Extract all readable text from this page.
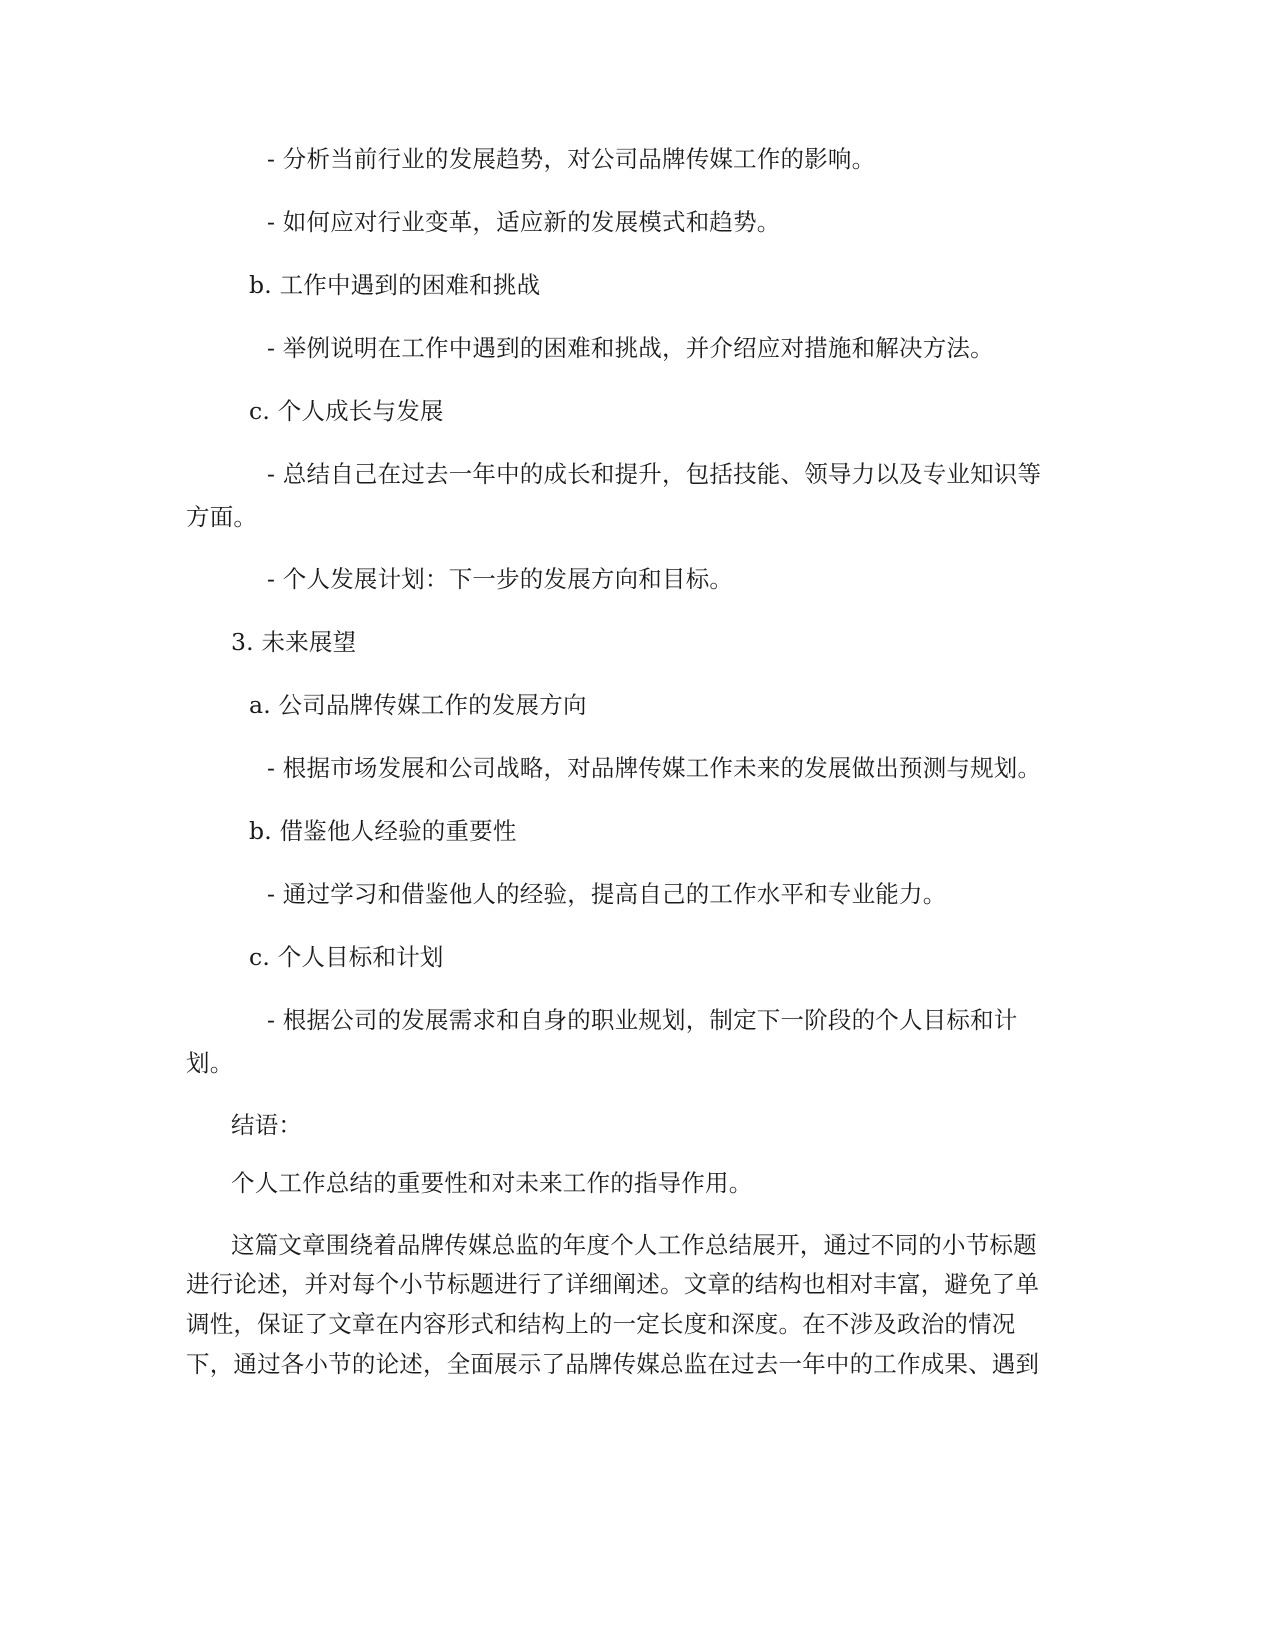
- 分析当前行业的发展趋势，对公司品牌传媒工作的影响。
- 如何应对行业变革，适应新的发展模式和趋势。
b. 工作中遇到的困难和挑战
- 举例说明在工作中遇到的困难和挑战，并介绍应对措施和解决方法。
c. 个人成长与发展
- 总结自己在过去一年中的成长和提升，包括技能、领导力以及专业知识等
方面。
- 个人发展计划：下一步的发展方向和目标。
3. 未来展望
a. 公司品牌传媒工作的发展方向
- 根据市场发展和公司战略，对品牌传媒工作未来的发展做出预测与规划。
b. 借鉴他人经验的重要性
- 通过学习和借鉴他人的经验，提高自己的工作水平和专业能力。
c. 个人目标和计划
- 根据公司的发展需求和自身的职业规划，制定下一阶段的个人目标和计
划。
结语：
个人工作总结的重要性和对未来工作的指导作用。
这篇文章围绕着品牌传媒总监的年度个人工作总结展开，通过不同的小节标题
进行论述，并对每个小节标题进行了详细阐述。文章的结构也相对丰富，避免了单
调性，保证了文章在内容形式和结构上的一定长度和深度。在不涉及政治的情况
下，通过各小节的论述，全面展示了品牌传媒总监在过去一年中的工作成果、遇到
